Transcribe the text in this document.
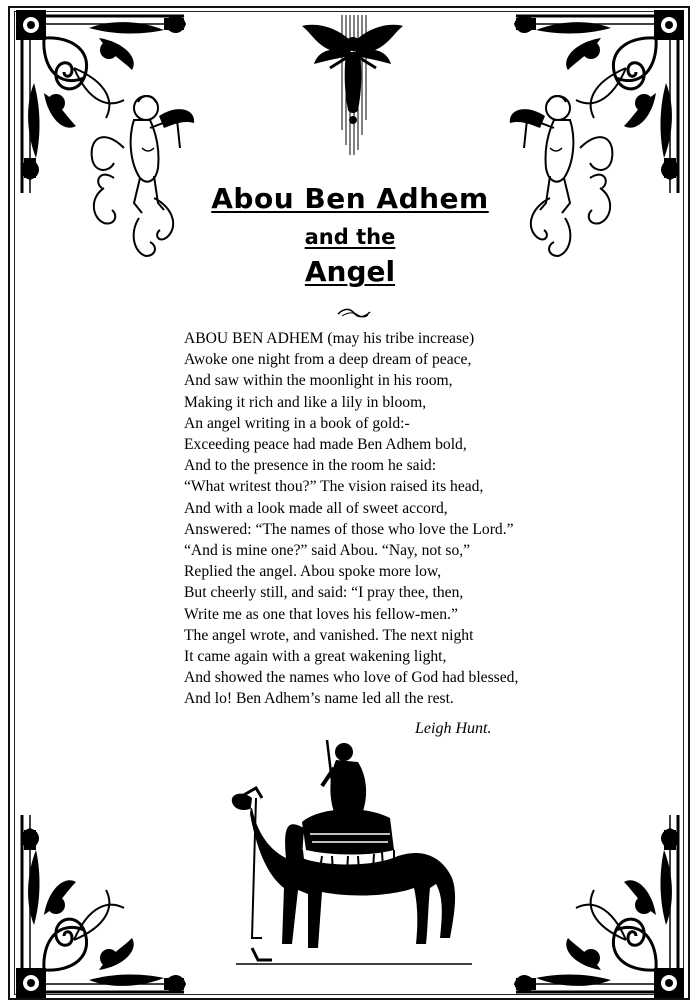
Abou Ben Adhem
and the
Angel
ABOU BEN ADHEM (may his tribe increase)
Awoke one night from a deep dream of peace,
And saw within the moonlight in his room,
Making it rich and like a lily in bloom,
An angel writing in a book of gold:-
Exceeding peace had made Ben Adhem bold,
And to the presence in the room he said:
“What writest thou?” The vision raised its head,
And with a look made all of sweet accord,
Answered: “The names of those who love the Lord.”
“And is mine one?” said Abou. “Nay, not so,”
Replied the angel. Abou spoke more low,
But cheerly still, and said: “I pray thee, then,
Write me as one that loves his fellow-men.”
The angel wrote, and vanished. The next night
It came again with a great wakening light,
And showed the names who love of God had blessed,
And lo! Ben Adhem’s name led all the rest.
Leigh Hunt.
